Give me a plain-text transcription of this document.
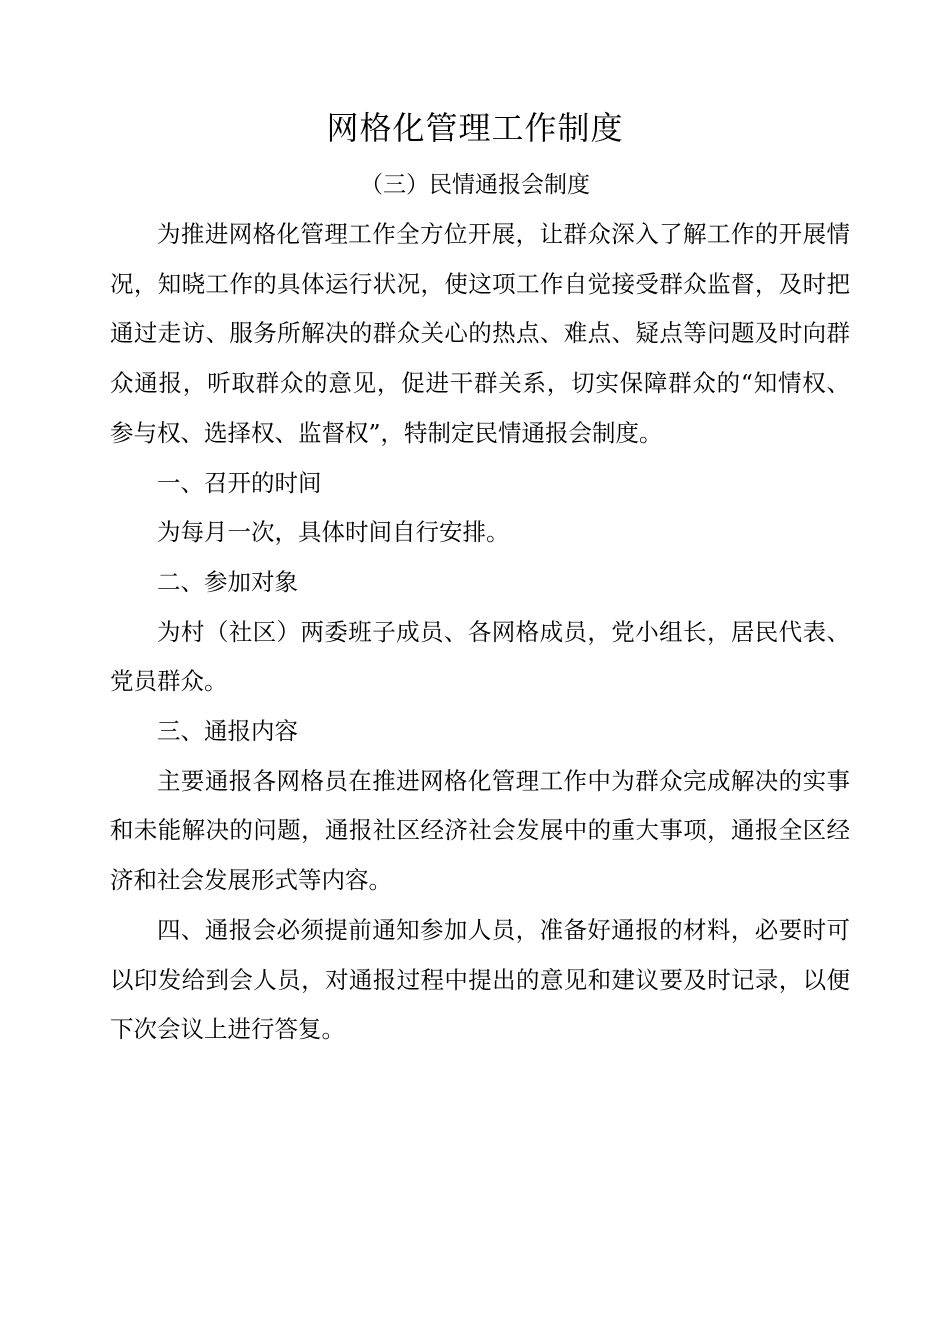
网格化管理工作制度
（三）民情通报会制度

为推进网格化管理工作全方位开展，让群众深入了解工作的开展情况，知晓工作的具体运行状况，使这项工作自觉接受群众监督，及时把通过走访、服务所解决的群众关心的热点、难点、疑点等问题及时向群众通报，听取群众的意见，促进干群关系，切实保障群众的“知情权、参与权、选择权、监督权”，特制定民情通报会制度。

一、召开的时间

为每月一次，具体时间自行安排。

二、参加对象

为村（社区）两委班子成员、各网格成员，党小组长，居民代表、党员群众。

三、通报内容

主要通报各网格员在推进网格化管理工作中为群众完成解决的实事和未能解决的问题，通报社区经济社会发展中的重大事项，通报全区经济和社会发展形式等内容。

四、通报会必须提前通知参加人员，准备好通报的材料，必要时可以印发给到会人员，对通报过程中提出的意见和建议要及时记录，以便下次会议上进行答复。
